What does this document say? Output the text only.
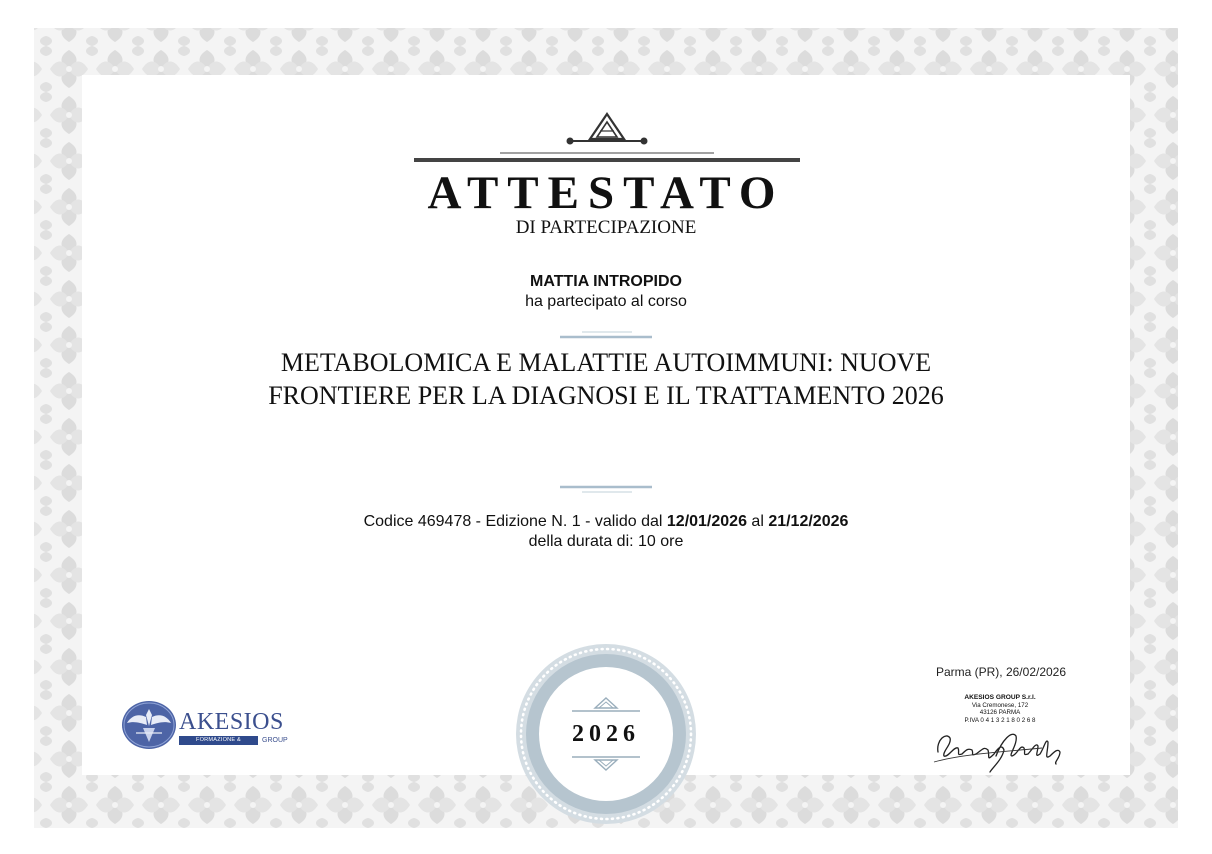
ATTESTATO
DI PARTECIPAZIONE
MATTIA INTROPIDO
ha partecipato al corso
METABOLOMICA E MALATTIE AUTOIMMUNI: NUOVE
FRONTIERE PER LA DIAGNOSI E IL TRATTAMENTO 2026
Codice 469478 - Edizione N. 1 - valido dal 12/01/2026 al 21/12/2026
della durata di: 10 ore
2026
AKESIOS
FORMAZIONE & CONGRESSI
GROUP
Parma (PR), 26/02/2026
AKESIOS GROUP S.r.l.
Via Cremonese, 172
43126 PARMA
P.IVA 0 4 1 3 2 1 8 0 2 6 8
